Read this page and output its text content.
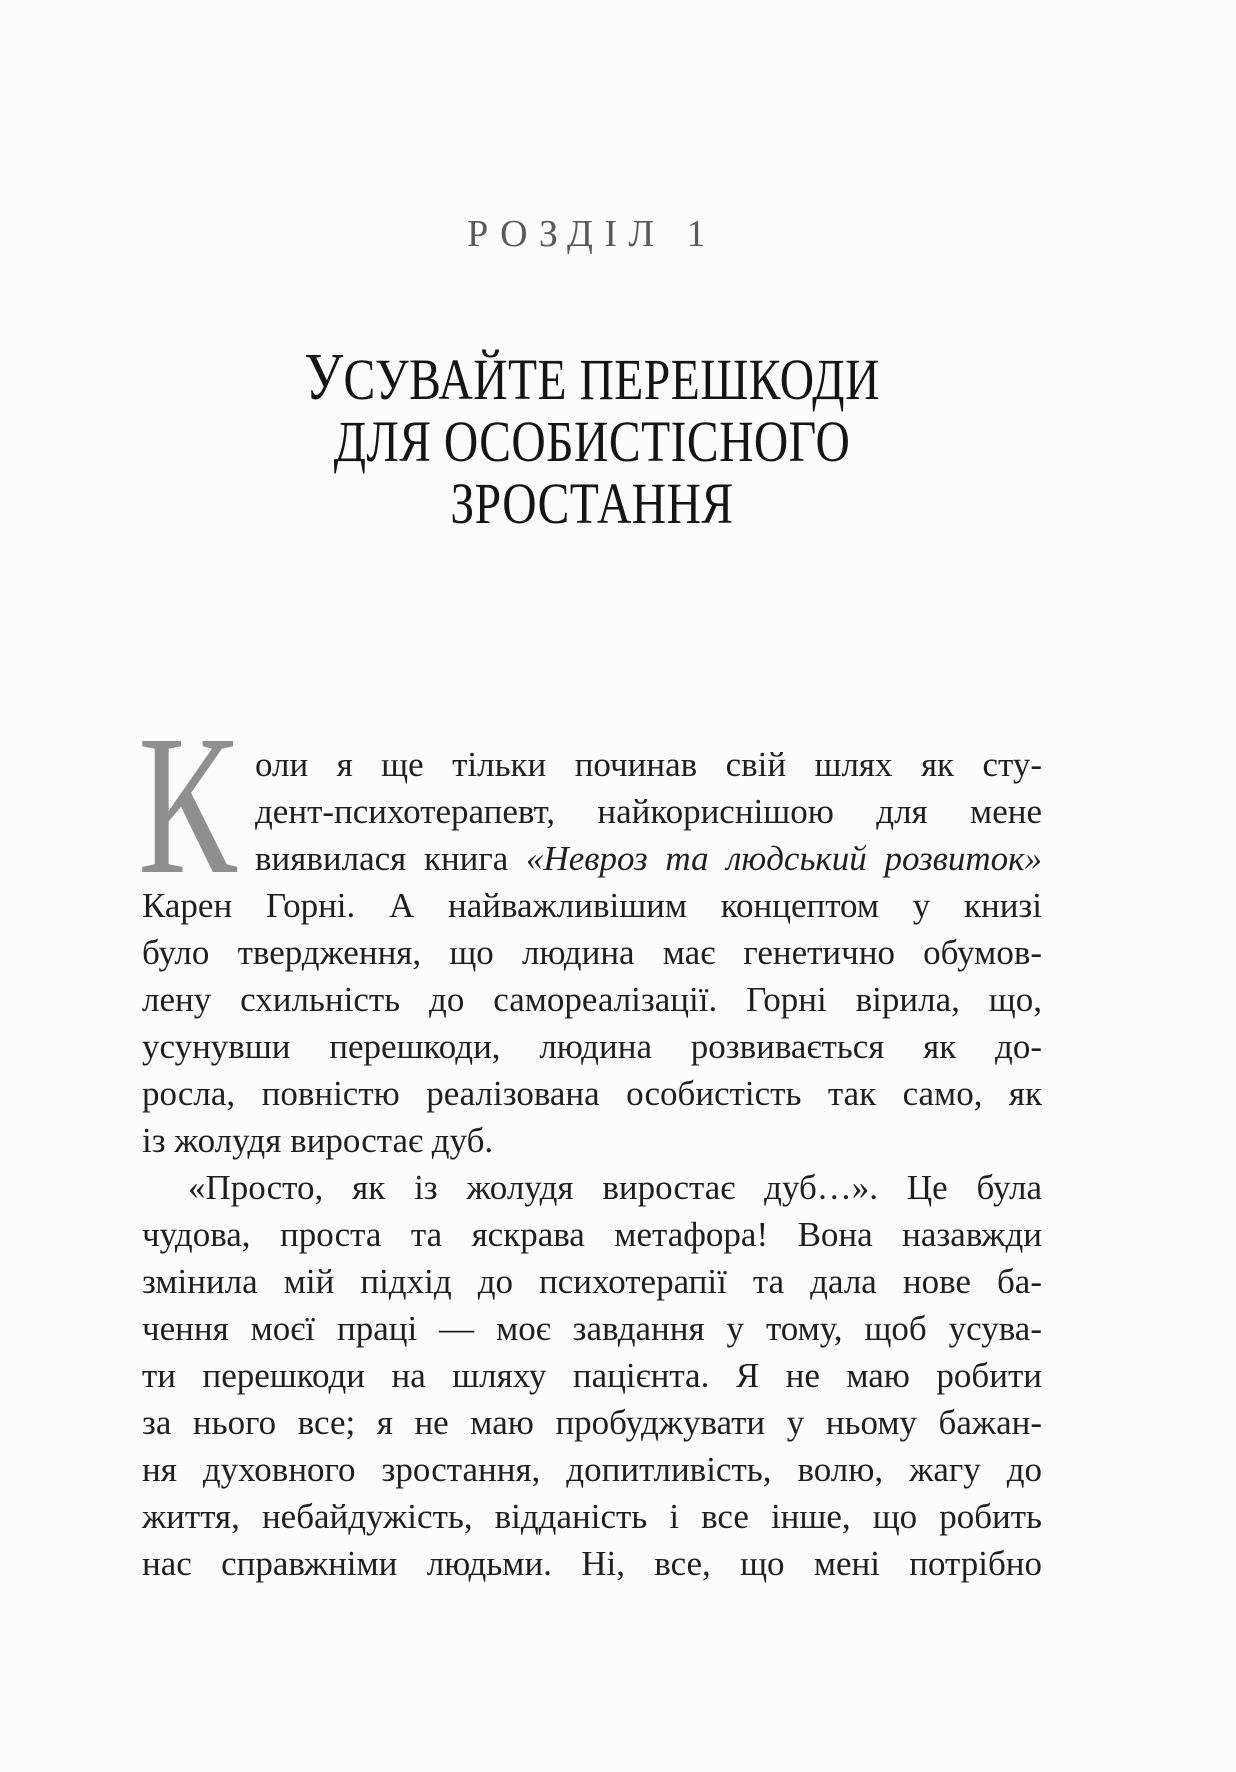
РОЗДІЛ 1
УСУВАЙТЕ ПЕРЕШКОДИ
ДЛЯ ОСОБИСТІСНОГО
ЗРОСТАННЯ
К оли я ще тільки починав свій шлях як сту-
дент-психотерапевт, найкориснішою для мене
виявилася книга «Невроз та людський розвиток»
Карен Горні. А найважливішим концептом у книзі
було твердження, що людина має генетично обумов-
лену схильність до самореалізації. Горні вірила, що,
усунувши перешкоди, людина розвивається як до-
росла, повністю реалізована особистість так само, як
із жолудя виростає дуб.
«Просто, як із жолудя виростає дуб…». Це була
чудова, проста та яскрава метафора! Вона назавжди
змінила мій підхід до психотерапії та дала нове ба-
чення моєї праці — моє завдання у тому, щоб усува-
ти перешкоди на шляху пацієнта. Я не маю робити
за нього все; я не маю пробуджувати у ньому бажан-
ня духовного зростання, допитливість, волю, жагу до
життя, небайдужість, відданість і все інше, що робить
нас справжніми людьми. Ні, все, що мені потрібно
